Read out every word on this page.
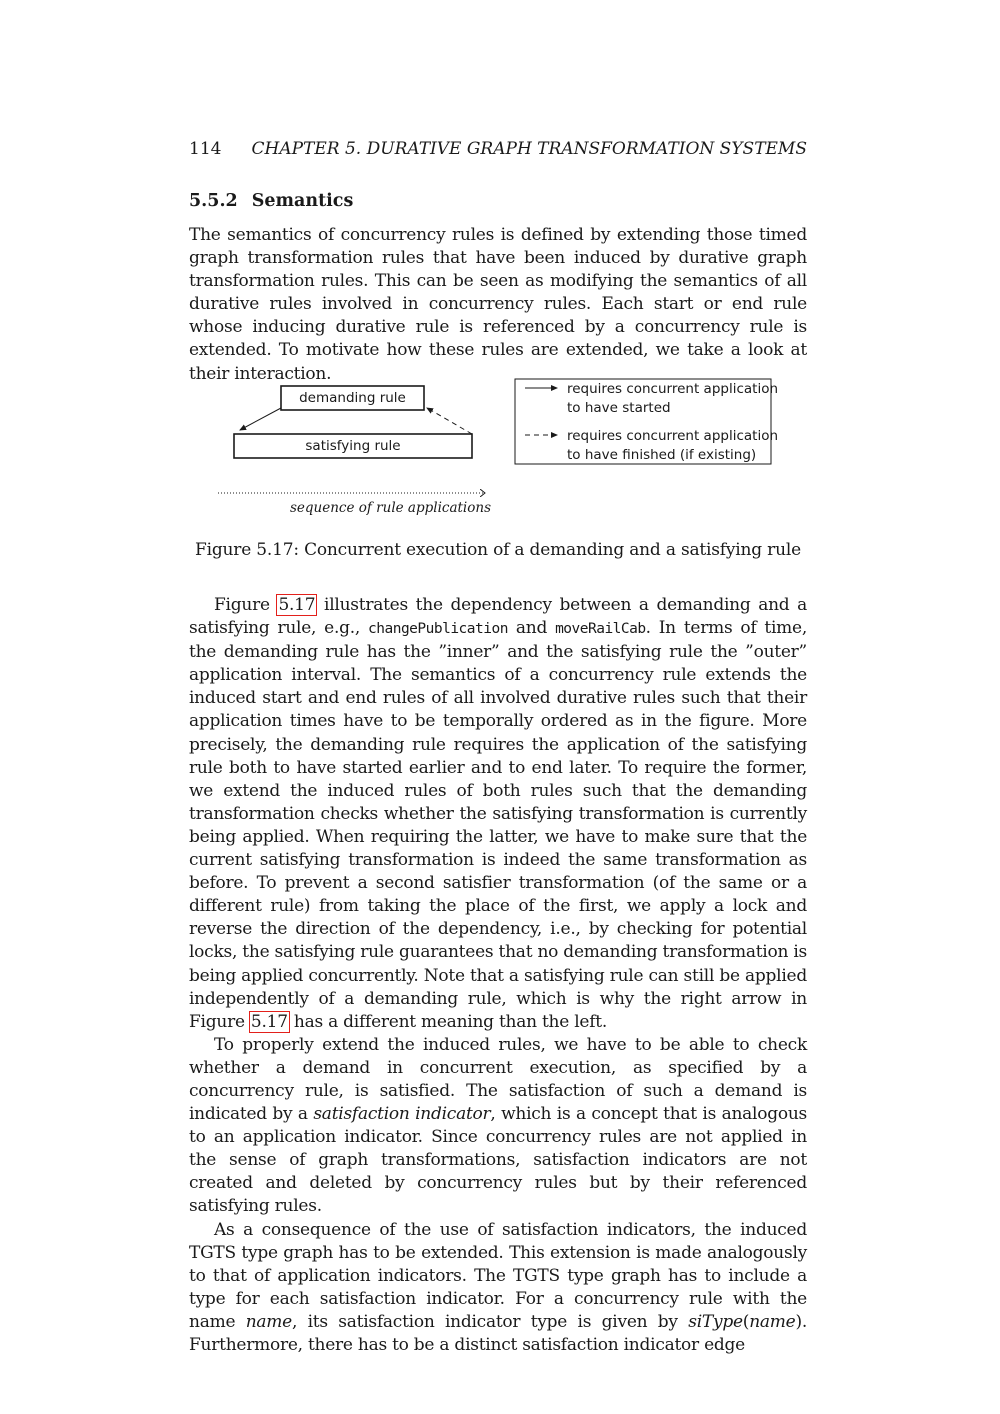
114 CHAPTER 5. DURATIVE GRAPH TRANSFORMATION SYSTEMS
5.5.2 Semantics

The semantics of concurrency rules is defined by extending those timed graph transformation rules that have been induced by durative graph transformation rules. This can be seen as modifying the semantics of all durative rules involved in concurrency rules. Each start or end rule whose inducing durative rule is referenced by a concurrency rule is extended. To motivate how these rules are extended, we take a look at their interaction.

demanding rule
satisfying rule
requires concurrent application
to have started
requires concurrent application
to have finished (if existing)
sequence of rule applications
Figure 5.17: Concurrent execution of a demanding and a satisfying rule

Figure 5.17 illustrates the dependency between a demanding and a satisfying rule, e.g., changePublication and moveRailCab. In terms of time, the demanding rule has the ”inner” and the satisfying rule the ”outer” application interval. The semantics of a concurrency rule extends the induced start and end rules of all involved durative rules such that their application times have to be temporally ordered as in the figure. More precisely, the demanding rule requires the application of the satisfying rule both to have started earlier and to end later. To require the former, we extend the induced rules of both rules such that the demanding transformation checks whether the satisfying transformation is currently being applied. When requiring the latter, we have to make sure that the current satisfying transformation is indeed the same transformation as before. To prevent a second satisfier transformation (of the same or a different rule) from taking the place of the first, we apply a lock and reverse the direction of the dependency, i.e., by checking for potential locks, the satisfying rule guarantees that no demanding transformation is being applied concurrently. Note that a satisfying rule can still be applied independently of a demanding rule, which is why the right arrow in Figure 5.17 has a different meaning than the left.

To properly extend the induced rules, we have to be able to check whether a demand in concurrent execution, as specified by a concurrency rule, is satisfied. The satisfaction of such a demand is indicated by a satisfaction indicator, which is a concept that is analogous to an application indicator. Since concurrency rules are not applied in the sense of graph transformations, satisfaction indicators are not created and deleted by concurrency rules but by their referenced satisfying rules.

As a consequence of the use of satisfaction indicators, the induced TGTS type graph has to be extended. This extension is made analogously to that of application indicators. The TGTS type graph has to include a type for each satisfaction indicator. For a concurrency rule with the name name, its satisfaction indicator type is given by siType(name). Furthermore, there has to be a distinct satisfaction indicator edge
